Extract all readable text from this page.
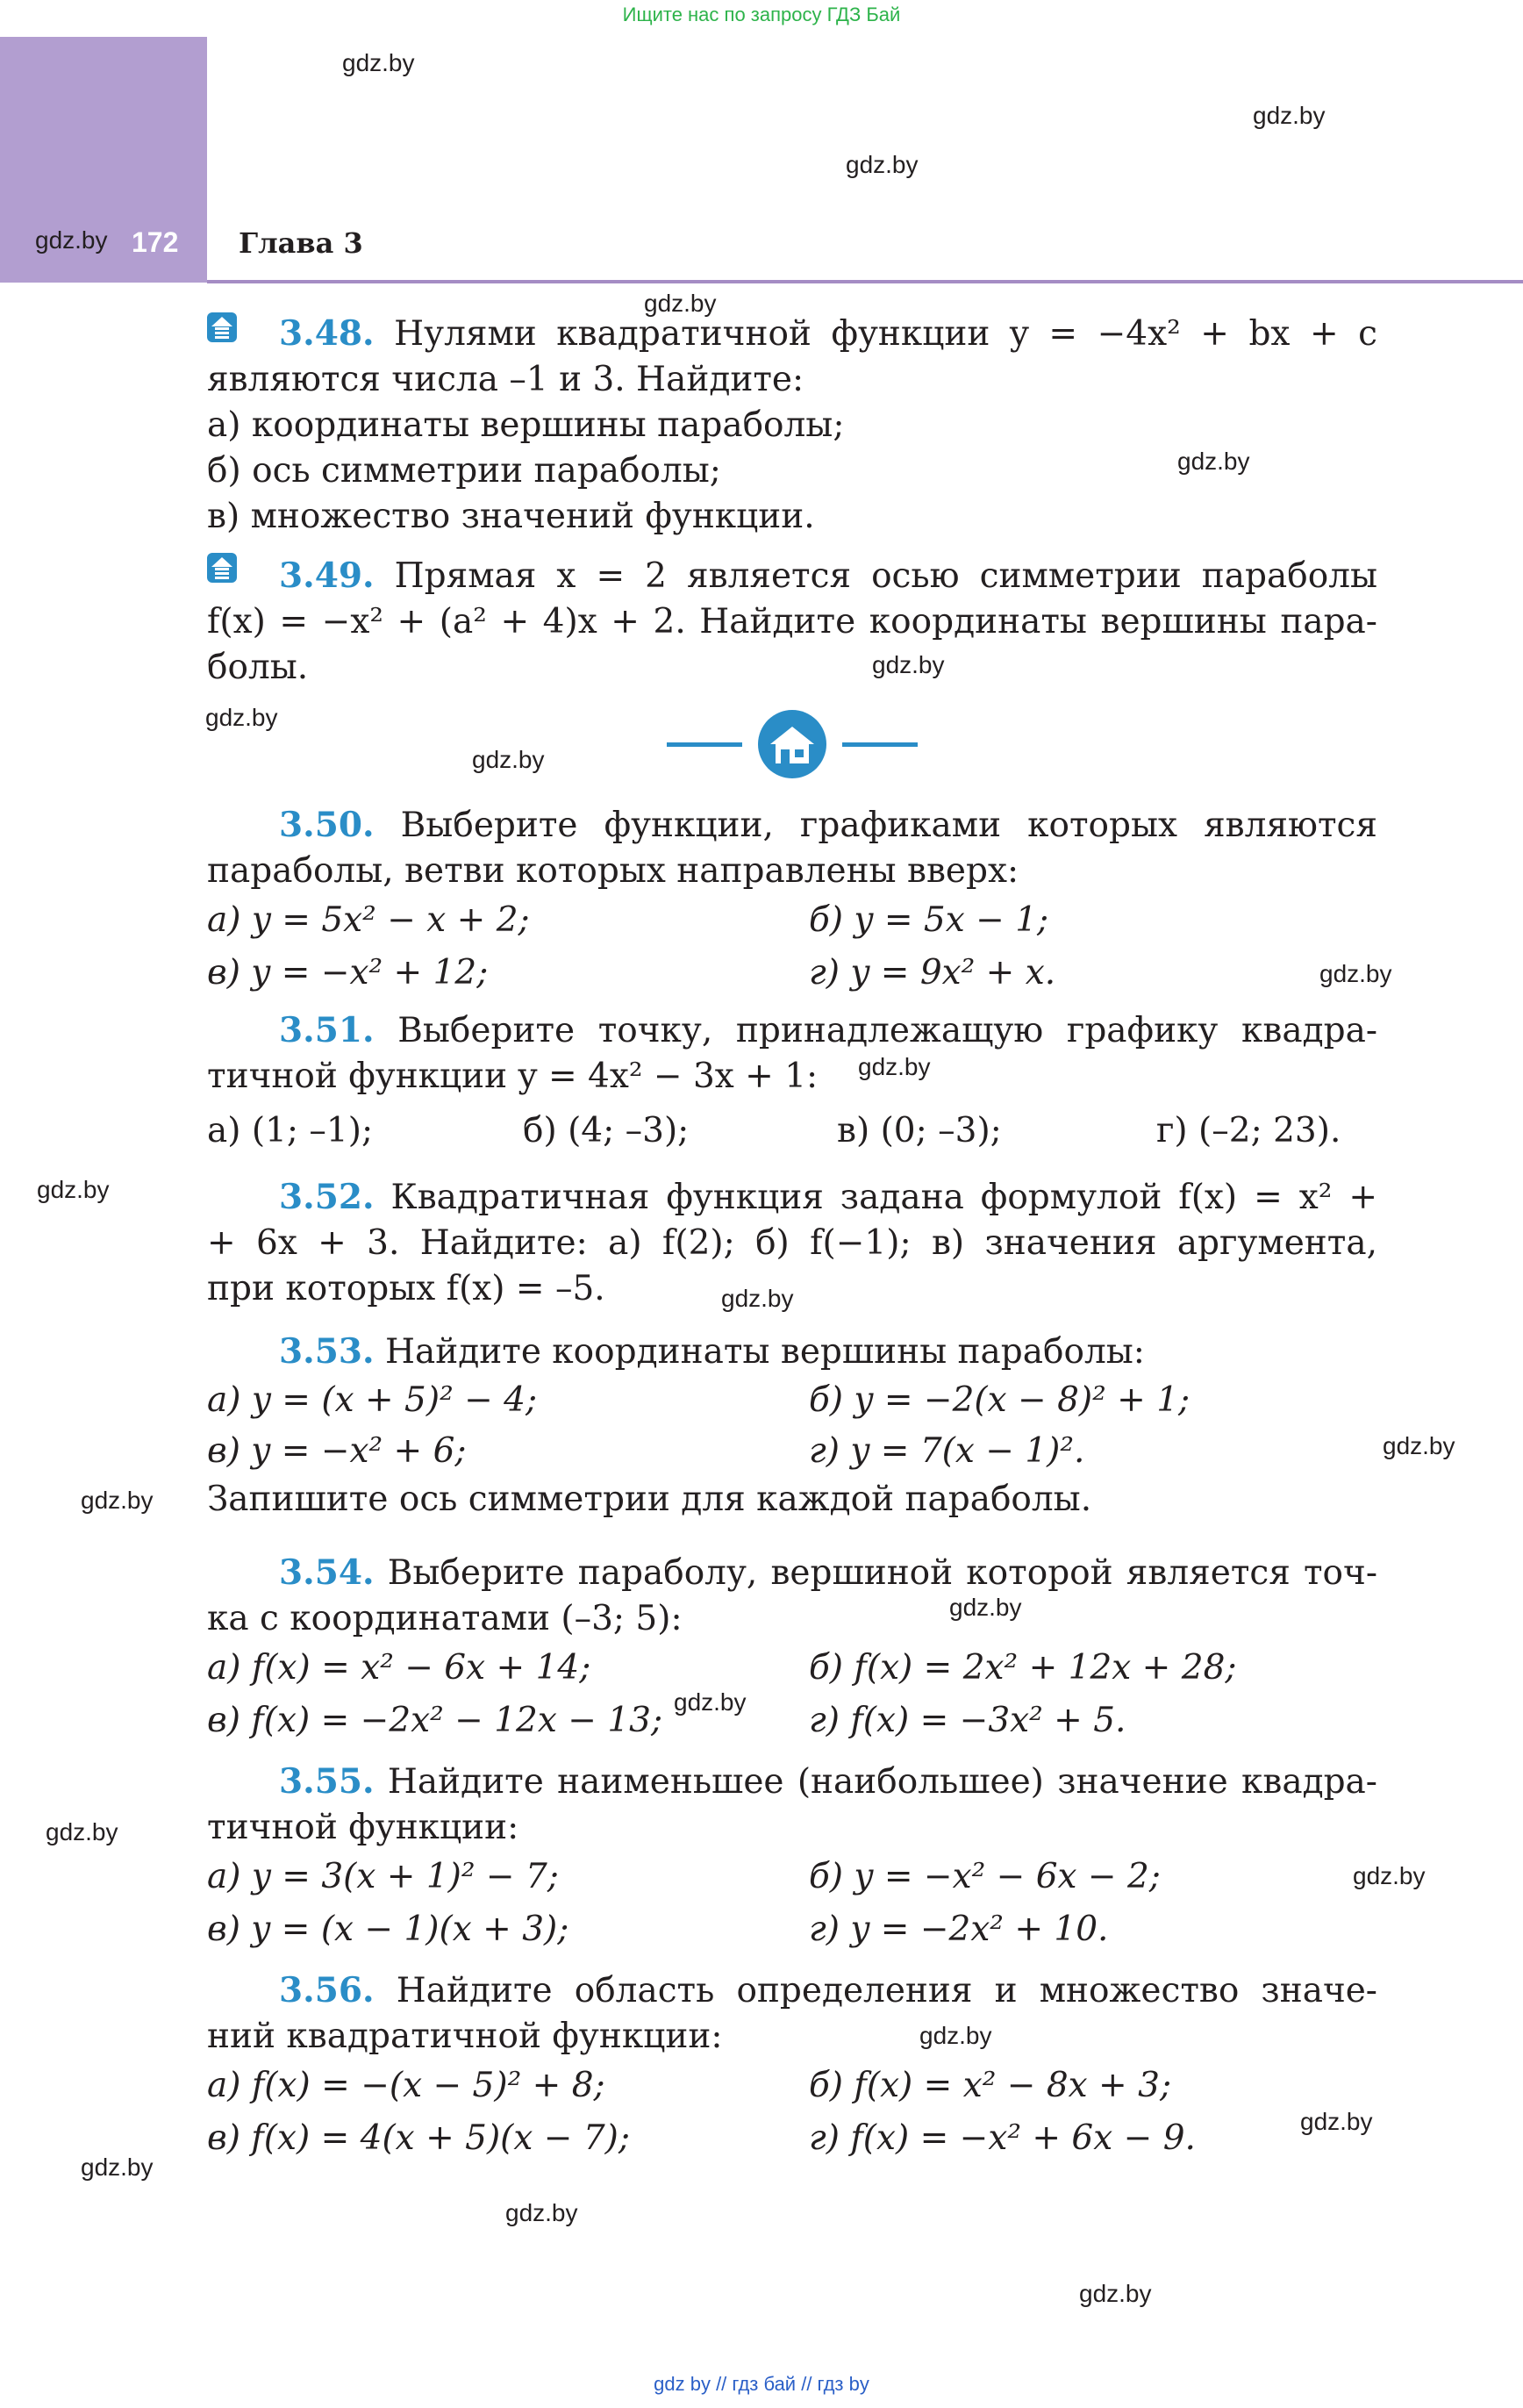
Ищите нас по запросу ГДЗ Бай
172 Глава 3
gdz.by
gdz.by
gdz.by
gdz.by
gdz.by
gdz.by
gdz.by
gdz.by
gdz.by
gdz.by
gdz.by
gdz.by
gdz.by
gdz.by
gdz.by
gdz.by
gdz.by
gdz.by
gdz.by
gdz.by
gdz.by
gdz.by
gdz.by
gdz.by
3.48. Нулями квадратичной функции y = −4x² + bx + c
являются числа –1 и 3. Найдите:
а) координаты вершины параболы;
б) ось симметрии параболы;
в) множество значений функции.
3.49. Прямая x = 2 является осью симметрии параболы
f(x) = −x² + (a² + 4)x + 2. Найдите координаты вершины пара-
болы.
3.50. Выберите функции, графиками которых являются
параболы, ветви которых направлены вверх:
а) y = 5x² − x + 2;	б) y = 5x − 1;
в) y = −x² + 12;	г) y = 9x² + x.
3.51. Выберите точку, принадлежащую графику квадра-
тичной функции y = 4x² − 3x + 1:
а) (1; –1);	б) (4; –3);	в) (0; –3);	г) (–2; 23).
3.52. Квадратичная функция задана формулой f(x) = x² +
+ 6x + 3. Найдите: а) f(2); б) f(−1); в) значения аргумента,
при которых f(x) = –5.
3.53. Найдите координаты вершины параболы:
а) y = (x + 5)² − 4;	б) y = −2(x − 8)² + 1;
в) y = −x² + 6;	г) y = 7(x − 1)².
Запишите ось симметрии для каждой параболы.
3.54. Выберите параболу, вершиной которой является точ-
ка с координатами (–3; 5):
а) f(x) = x² − 6x + 14;	б) f(x) = 2x² + 12x + 28;
в) f(x) = −2x² − 12x − 13;	г) f(x) = −3x² + 5.
3.55. Найдите наименьшее (наибольшее) значение квадра-
тичной функции:
а) y = 3(x + 1)² − 7;	б) y = −x² − 6x − 2;
в) y = (x − 1)(x + 3);	г) y = −2x² + 10.
3.56. Найдите область определения и множество значе-
ний квадратичной функции:
а) f(x) = −(x − 5)² + 8;	б) f(x) = x² − 8x + 3;
в) f(x) = 4(x + 5)(x − 7);	г) f(x) = −x² + 6x − 9.
gdz by // гдз бай // гдз by
